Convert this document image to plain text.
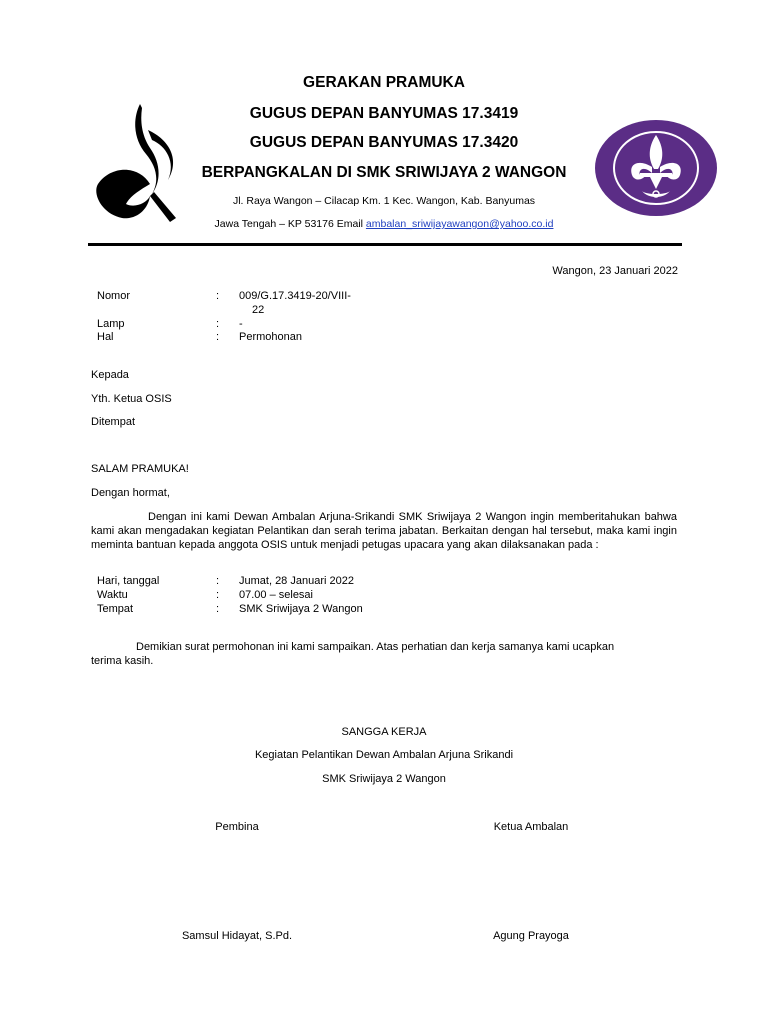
GERAKAN PRAMUKA
GUGUS DEPAN BANYUMAS 17.3419
GUGUS DEPAN BANYUMAS 17.3420
BERPANGKALAN DI SMK SRIWIJAYA 2 WANGON
Jl. Raya Wangon – Cilacap Km. 1 Kec. Wangon, Kab. Banyumas
Jawa Tengah – KP 53176 Email ambalan_sriwijayawangon@yahoo.co.id
Wangon, 23 Januari 2022
Nomor	: 009/G.17.3419-20/VIII-
22
Lamp	: -
Hal	: Permohonan
Kepada
Yth. Ketua OSIS
Ditempat
SALAM PRAMUKA!
Dengan hormat,
Dengan ini kami Dewan Ambalan Arjuna-Srikandi SMK Sriwijaya 2 Wangon ingin memberitahukan bahwa kami akan mengadakan kegiatan Pelantikan dan serah terima jabatan. Berkaitan dengan hal tersebut, maka kami ingin meminta bantuan kepada anggota OSIS untuk menjadi petugas upacara yang akan dilaksanakan pada :
Hari, tanggal	: Jumat, 28 Januari 2022
Waktu	: 07.00 – selesai
Tempat	: SMK Sriwijaya 2 Wangon
Demikian surat permohonan ini kami sampaikan. Atas perhatian dan kerja samanya kami ucapkan terima kasih.
SANGGA KERJA
Kegiatan Pelantikan Dewan Ambalan Arjuna Srikandi
SMK Sriwijaya 2 Wangon
Pembina	Ketua Ambalan
Samsul Hidayat, S.Pd.	Agung Prayoga
